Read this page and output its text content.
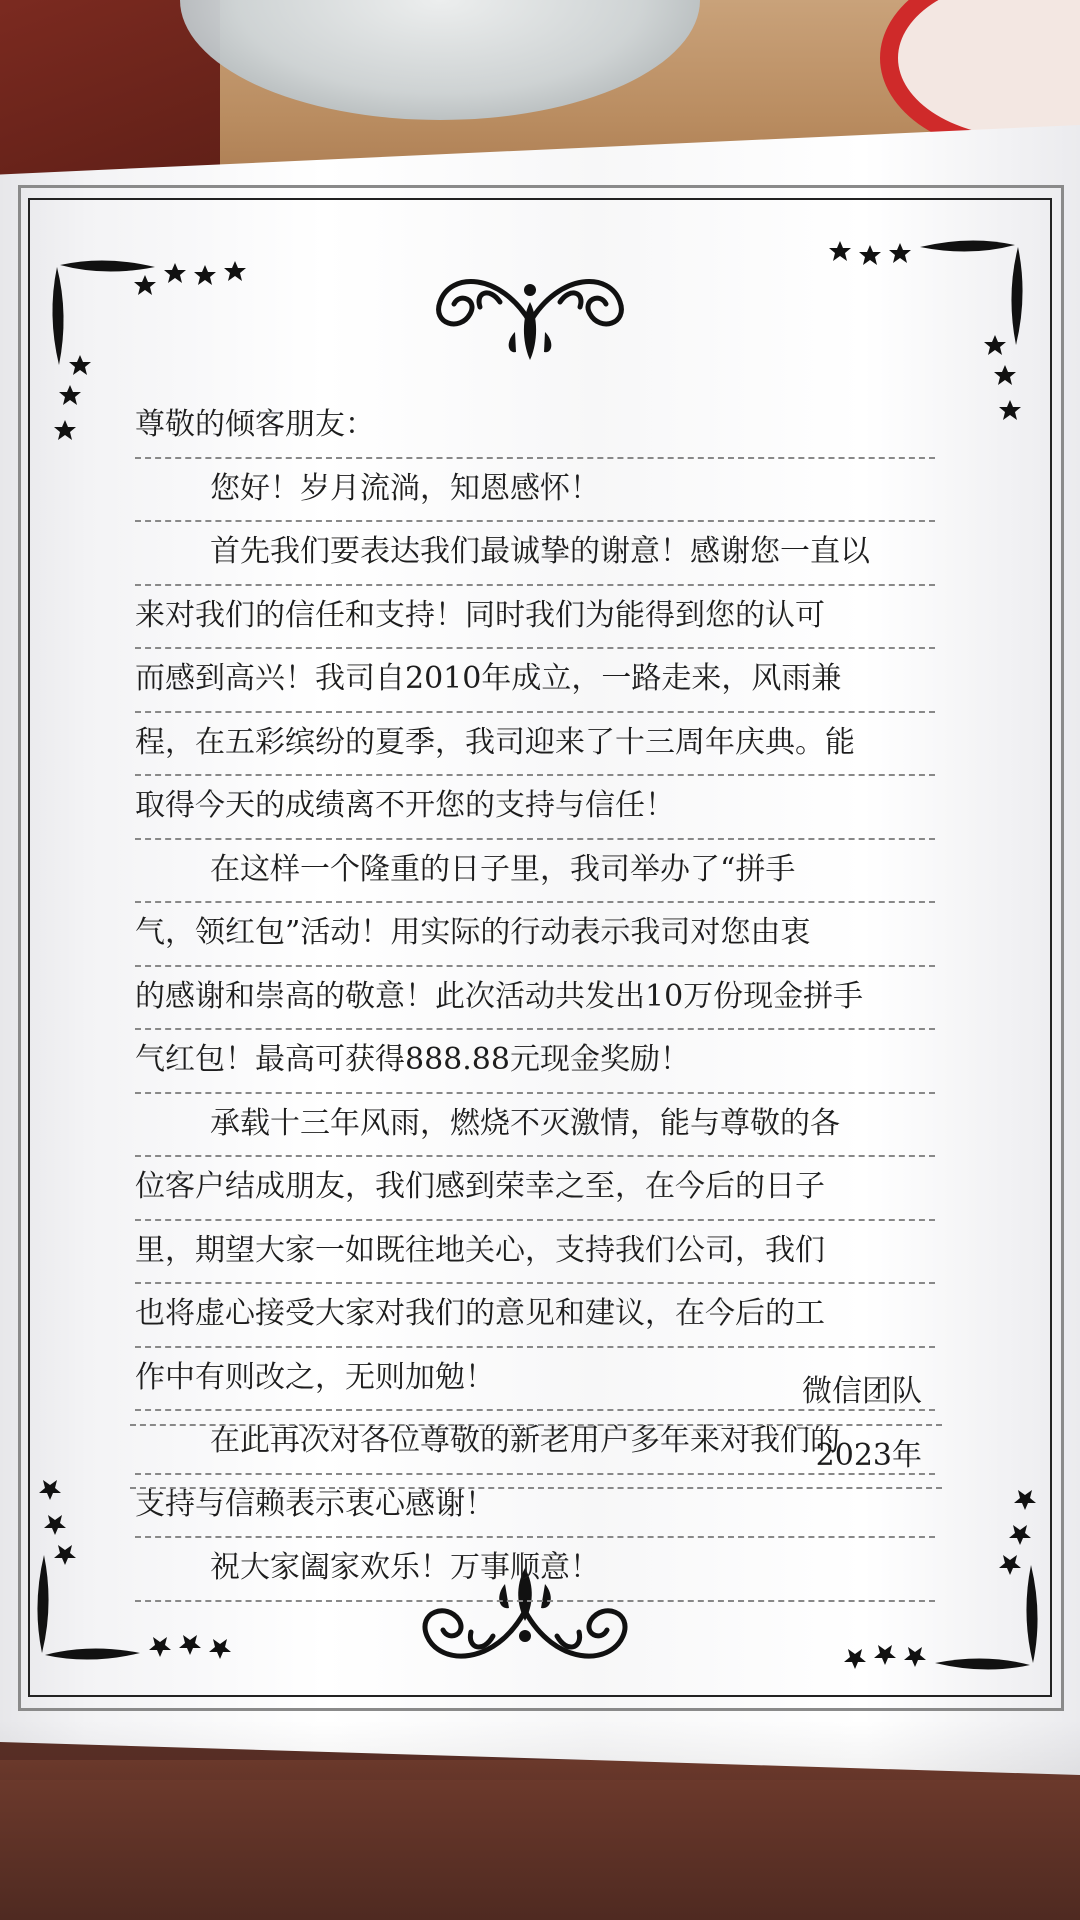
尊敬的倾客朋友：
您好！岁月流淌，知恩感怀！
首先我们要表达我们最诚挚的谢意！感谢您一直以
来对我们的信任和支持！同时我们为能得到您的认可
而感到高兴！我司自2010年成立，一路走来，风雨兼
程，在五彩缤纷的夏季，我司迎来了十三周年庆典。能
取得今天的成绩离不开您的支持与信任！
在这样一个隆重的日子里，我司举办了“拼手
气，领红包”活动！用实际的行动表示我司对您由衷
的感谢和崇高的敬意！此次活动共发出10万份现金拼手
气红包！最高可获得888.88元现金奖励！
承载十三年风雨，燃烧不灭激情，能与尊敬的各
位客户结成朋友，我们感到荣幸之至，在今后的日子
里，期望大家一如既往地关心，支持我们公司，我们
也将虚心接受大家对我们的意见和建议，在今后的工
作中有则改之，无则加勉！
在此再次对各位尊敬的新老用户多年来对我们的
支持与信赖表示衷心感谢！
祝大家阖家欢乐！万事顺意！
微信团队
2023年
